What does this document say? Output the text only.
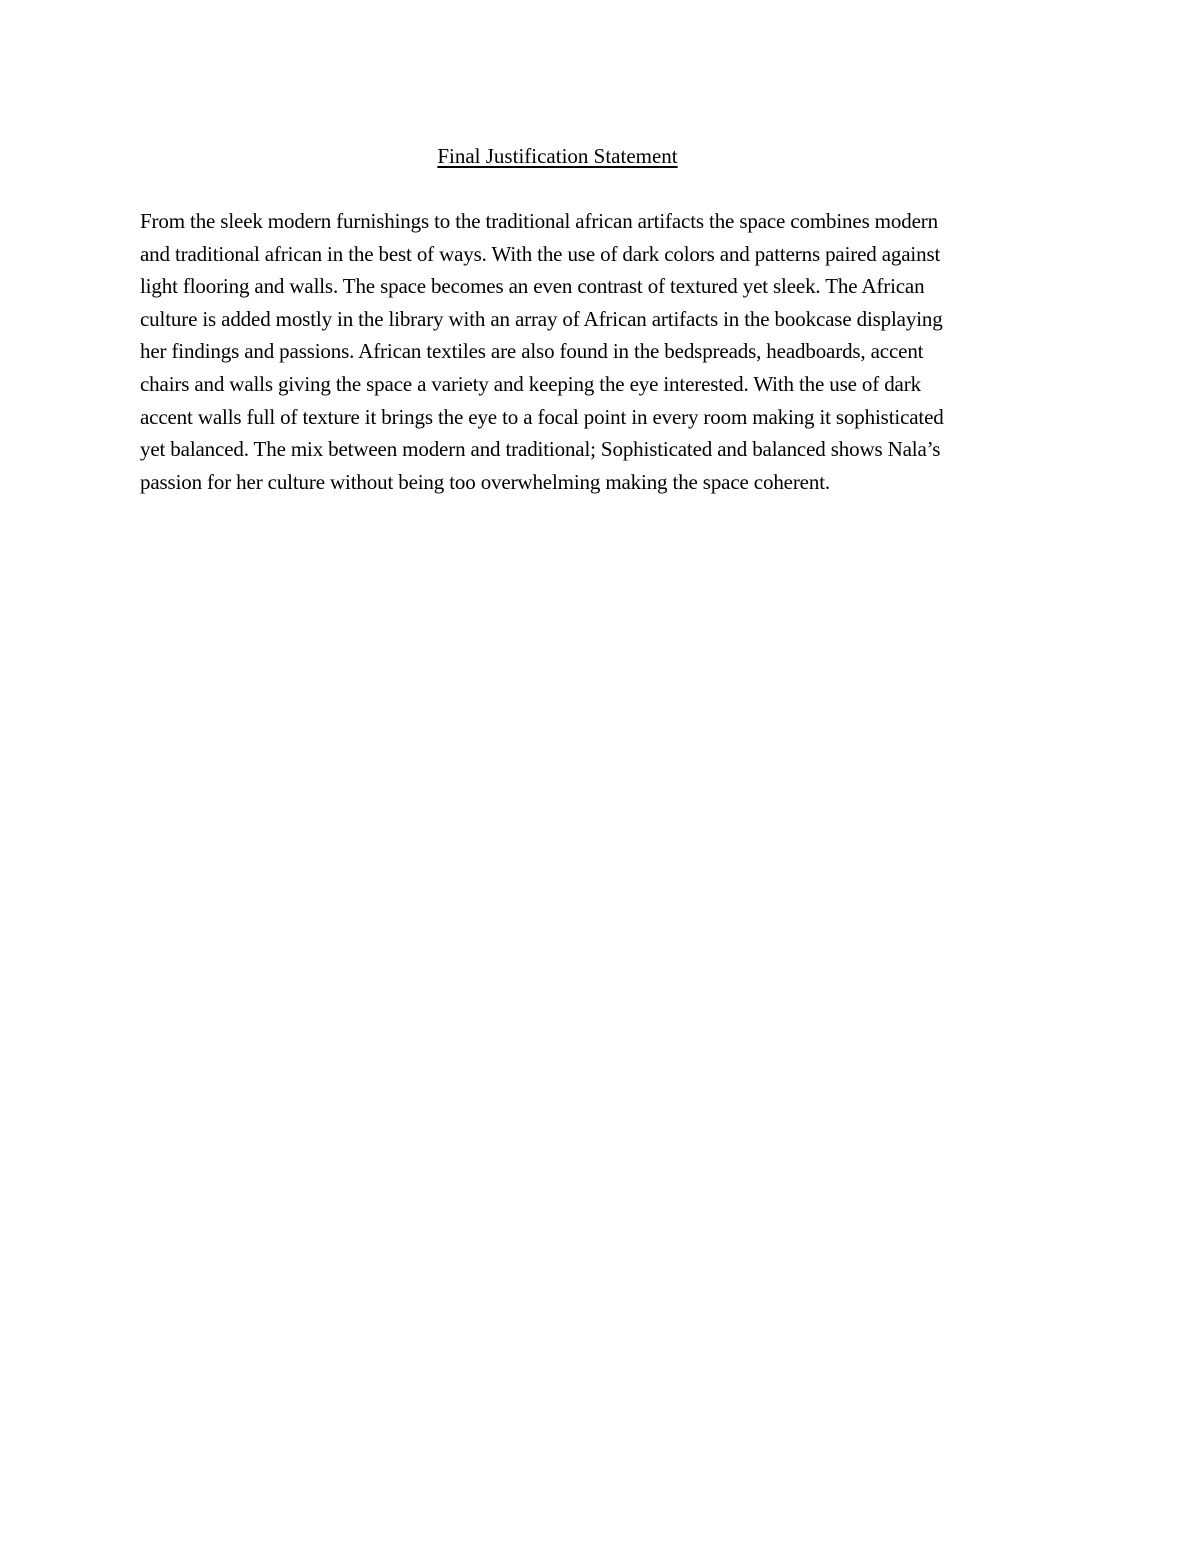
Final Justification Statement

From the sleek modern furnishings to the traditional african artifacts the space combines modern
and traditional african in the best of ways. With the use of dark colors and patterns paired against
light flooring and walls. The space becomes an even contrast of textured yet sleek. The African
culture is added mostly in the library with an array of African artifacts in the bookcase displaying
her findings and passions. African textiles are also found in the bedspreads, headboards, accent
chairs and walls giving the space a variety and keeping the eye interested. With the use of dark
accent walls full of texture it brings the eye to a focal point in every room making it sophisticated
yet balanced. The mix between modern and traditional; Sophisticated and balanced shows Nala’s
passion for her culture without being too overwhelming making the space coherent.
